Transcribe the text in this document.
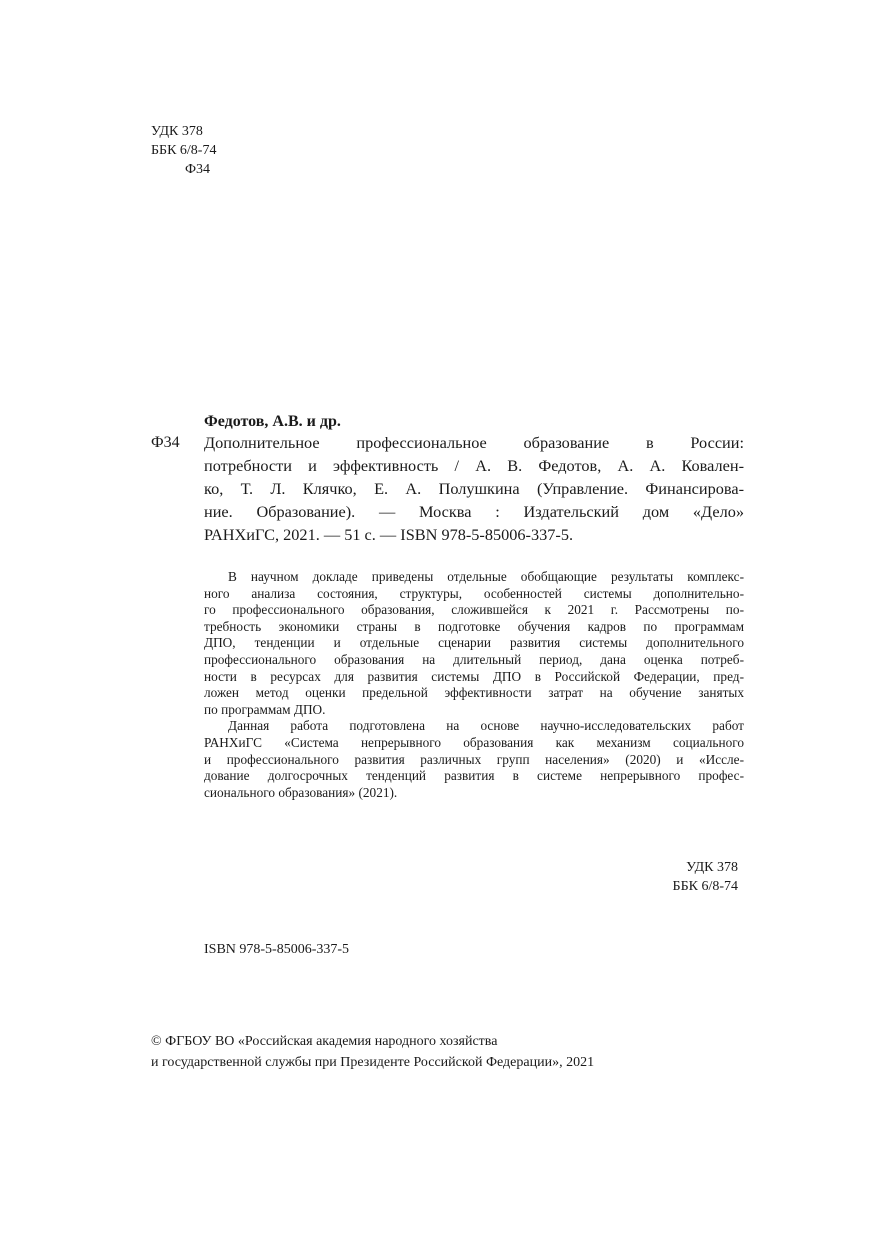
УДК 378
ББК 6/8-74
Ф34
Федотов, А.В. и др.
Ф34 Дополнительное профессиональное образование в России:
потребности и эффективность / А. В. Федотов, А. А. Ковален-
ко, Т. Л. Клячко, Е. А. Полушкина (Управление. Финансирова-
ние. Образование). — Москва : Издательский дом «Дело»
РАНХиГС, 2021. — 51 с. — ISBN 978-5-85006-337-5.
В научном докладе приведены отдельные обобщающие результаты комплекс-
ного анализа состояния, структуры, особенностей системы дополнительно-
го профессионального образования, сложившейся к 2021 г. Рассмотрены по-
требность экономики страны в подготовке обучения кадров по программам
ДПО, тенденции и отдельные сценарии развития системы дополнительного
профессионального образования на длительный период, дана оценка потреб-
ности в ресурсах для развития системы ДПО в Российской Федерации, пред-
ложен метод оценки предельной эффективности затрат на обучение занятых
по программам ДПО.
Данная работа подготовлена на основе научно-исследовательских работ
РАНХиГС «Система непрерывного образования как механизм социального
и профессионального развития различных групп населения» (2020) и «Иссле-
дование долгосрочных тенденций развития в системе непрерывного профес-
сионального образования» (2021).
УДК 378
ББК 6/8-74
ISBN 978-5-85006-337-5
© ФГБОУ ВО «Российская академия народного хозяйства
и государственной службы при Президенте Российской Федерации», 2021
